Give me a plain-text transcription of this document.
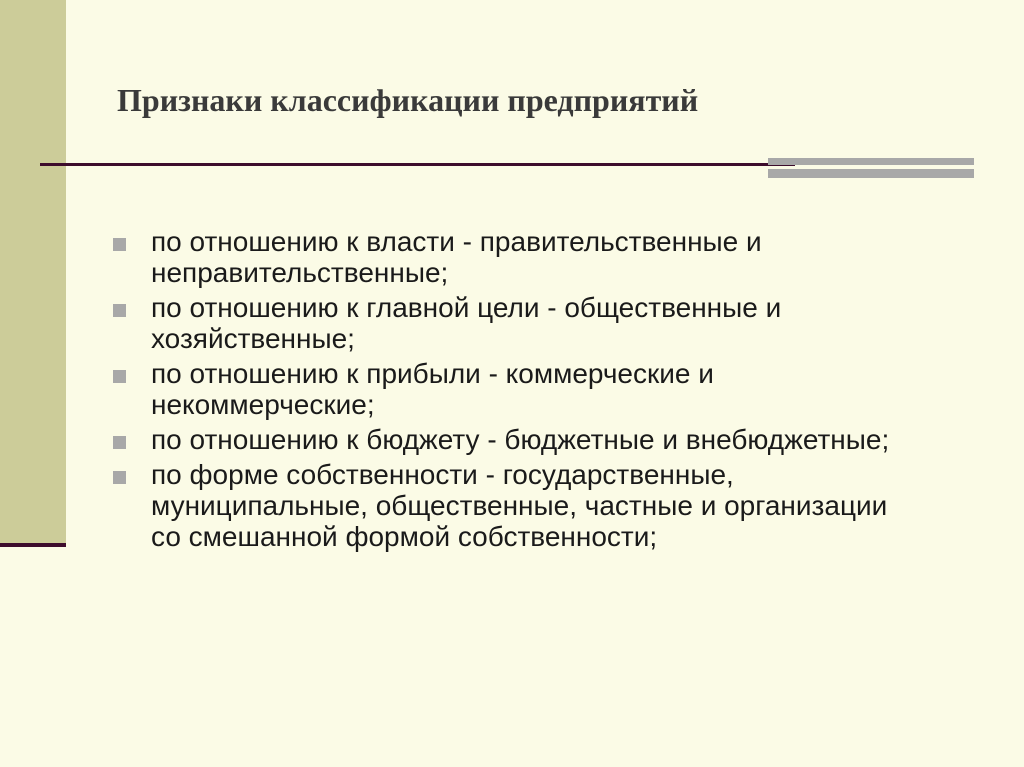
Признаки классификации предприятий
по отношению к власти - правительственные и неправительственные;
по отношению к главной цели - общественные и хозяйственные;
по отношению к прибыли - коммерческие и некоммерческие;
по отношению к бюджету - бюджетные и внебюджетные;
по форме собственности - государственные, муниципальные, общественные, частные и организации со смешанной формой собственности;
